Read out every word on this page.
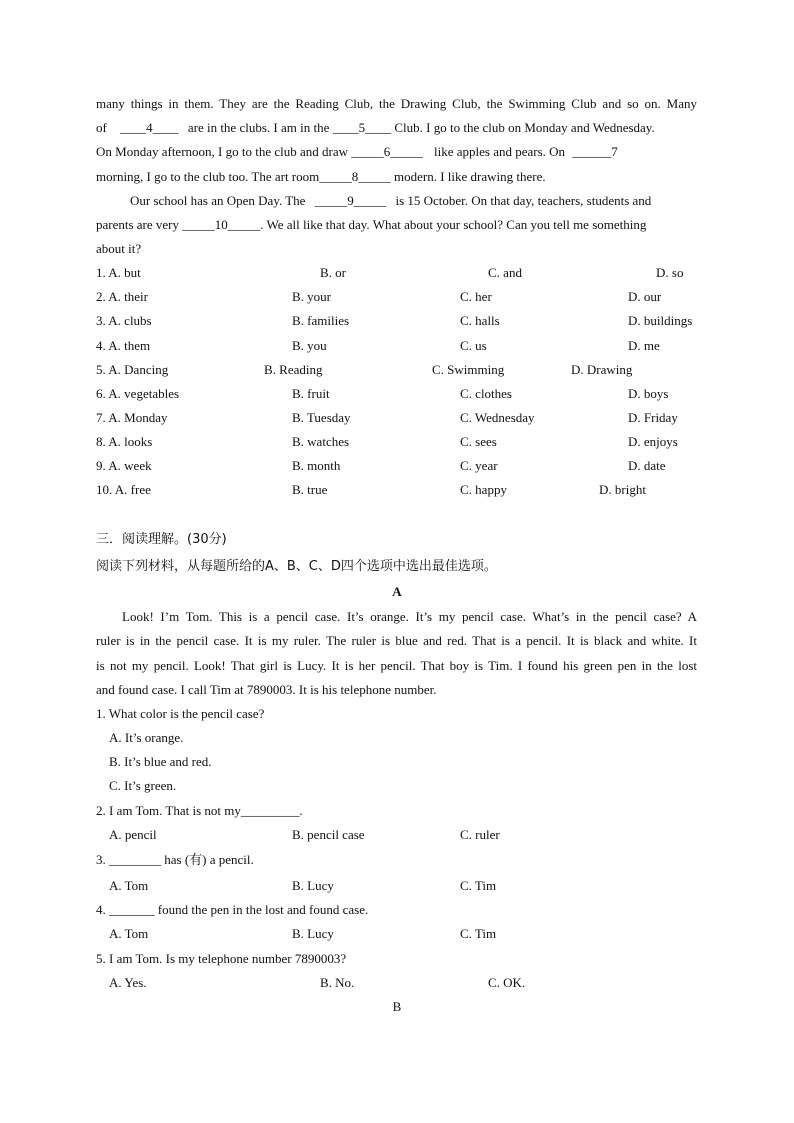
many things in them. They are the Reading Club, the Drawing Club, the Swimming Club and so on. Many
of ____4____ are in the clubs. I am in the ____5____ Club. I go to the club on Monday and Wednesday.
On Monday afternoon, I go to the club and draw _____6_____ like apples and pears. On ______7
morning, I go to the club too. The art room_____8_____ modern. I like drawing there.
Our school has an Open Day. The _____9_____ is 15 October. On that day, teachers, students and
parents are very _____10_____. We all like that day. What about your school? Can you tell me something
about it?
1. A. but	B. or	C. and	D. so
2. A. their	B. your	C. her	D. our
3. A. clubs	B. families	C. halls	D. buildings
4. A. them	B. you	C. us	D. me
5. A. Dancing	B. Reading	C. Swimming	D. Drawing
6. A. vegetables	B. fruit	C. clothes	D. boys
7. A. Monday	B. Tuesday	C. Wednesday	D. Friday
8. A. looks	B. watches	C. sees	D. enjoys
9. A. week	B. month	C. year	D. date
10. A. free	B. true	C. happy	D. bright
三．阅读理解。(30分)
阅读下列材料，从每题所给的A、B、C、D四个选项中选出最佳选项。
A
Look! I’m Tom. This is a pencil case. It’s orange. It’s my pencil case. What’s in the pencil case? A
ruler is in the pencil case. It is my ruler. The ruler is blue and red. That is a pencil. It is black and white. It
is not my pencil. Look! That girl is Lucy. It is her pencil. That boy is Tim. I found his green pen in the lost
and found case. I call Tim at 7890003. It is his telephone number.
1. What color is the pencil case?
A. It’s orange.
B. It’s blue and red.
C. It’s green.
2. I am Tom. That is not my_________.
A. pencil	B. pencil case	C. ruler
3. ________ has (有) a pencil.
A. Tom	B. Lucy	C. Tim
4. _______ found the pen in the lost and found case.
A. Tom	B. Lucy	C. Tim
5. I am Tom. Is my telephone number 7890003?
A. Yes.	B. No.	C. OK.
B
